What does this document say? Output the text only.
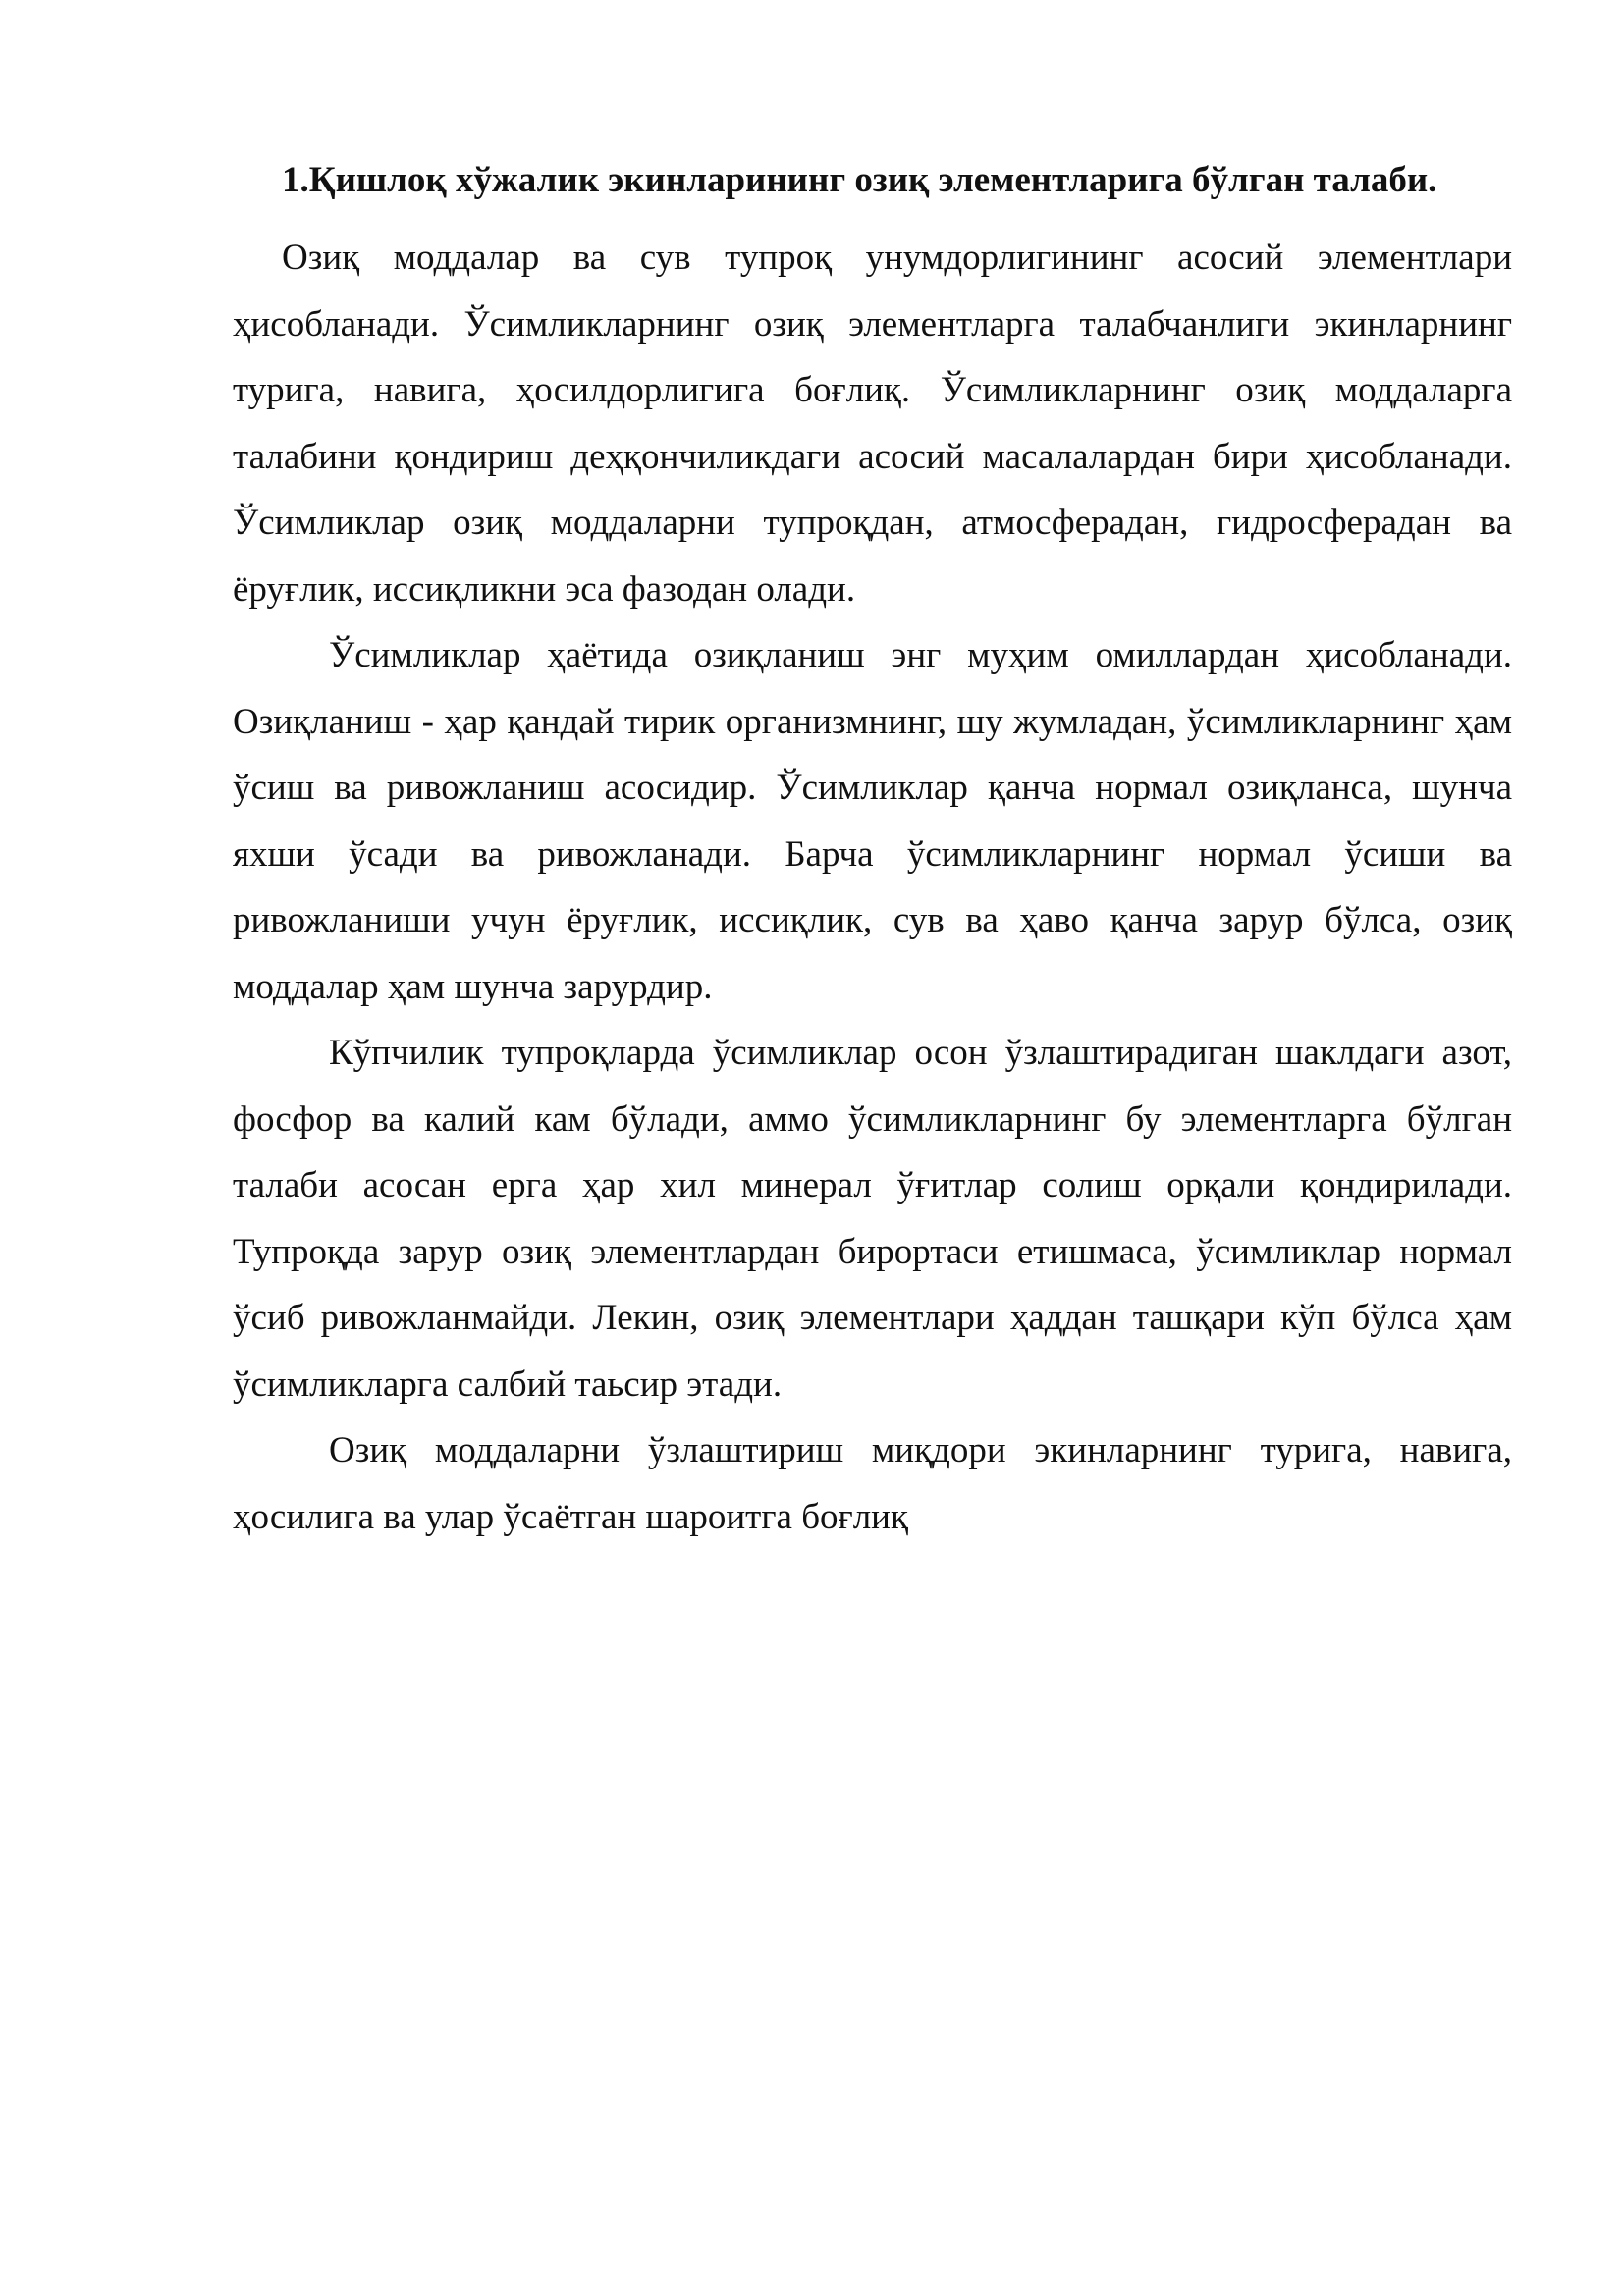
1.Қишлоқ хўжалик экинларининг озиқ элементларига бўлган талаби.

Озиқ моддалар ва сув тупроқ унумдорлигининг асосий элементлари ҳисобланади. Ўсимликларнинг озиқ элементларга талабчанлиги экинларнинг турига, навига, ҳосилдорлигига боғлиқ. Ўсимликларнинг озиқ моддаларга талабини қондириш деҳқончиликдаги асосий масалалардан бири ҳисобланади. Ўсимликлар озиқ моддаларни тупроқдан, атмосферадан, гидросферадан ва ёруғлик, иссиқликни эса фазодан олади.

Ўсимликлар ҳаётида озиқланиш энг муҳим омиллардан ҳисобланади. Озиқланиш - ҳар қандай тирик организмнинг, шу жумладан, ўсимликларнинг ҳам ўсиш ва ривожланиш асосидир. Ўсимликлар қанча нормал озиқланса, шунча яхши ўсади ва ривожланади. Барча ўсимликларнинг нормал ўсиши ва ривожланиши учун ёруғлик, иссиқлик, сув ва ҳаво қанча зарур бўлса, озиқ моддалар ҳам шунча зарурдир.

Кўпчилик тупроқларда ўсимликлар осон ўзлаштирадиган шаклдаги азот, фосфор ва калий кам бўлади, аммо ўсимликларнинг бу элементларга бўлган талаби асосан ерга ҳар хил минерал ўғитлар солиш орқали қондирилади. Тупроқда зарур озиқ элементлардан бирортаси етишмаса, ўсимликлар нормал ўсиб ривожланмайди. Лекин, озиқ элементлари ҳаддан ташқари кўп бўлса ҳам ўсимликларга салбий таьсир этади.

Озиқ моддаларни ўзлаштириш миқдори экинларнинг турига, навига, ҳосилига ва улар ўсаётган шароитга боғлиқ
